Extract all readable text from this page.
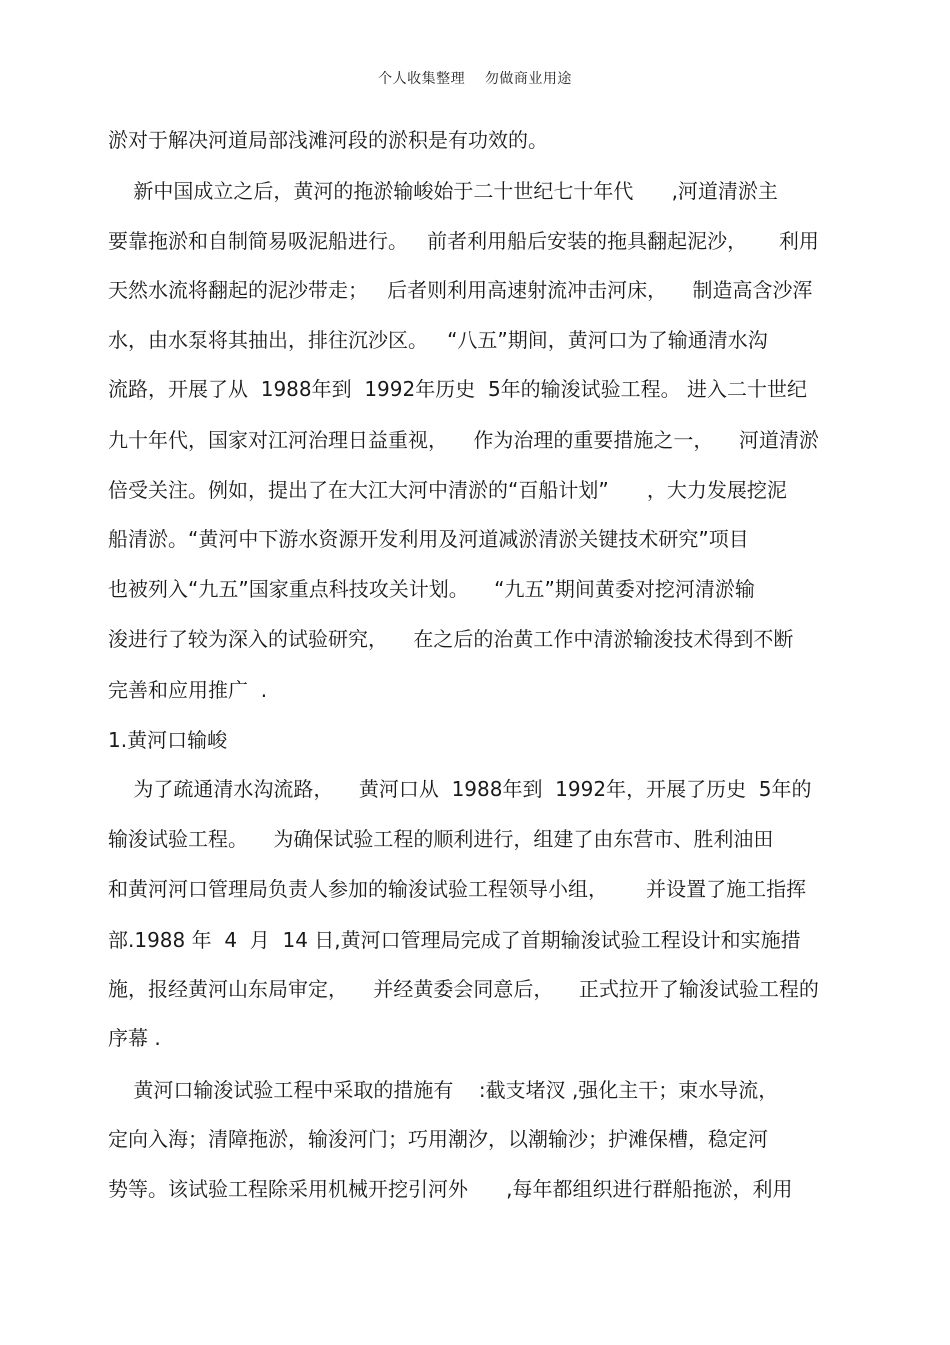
个人收集整理    勿做商业用途
淤对于解决河道局部浅滩河段的淤积是有功效的。
新中国成立之后，黄河的拖淤输峻始于二十世纪七十年代      ,河道清淤主
要靠拖淤和自制简易吸泥船进行。   前者利用船后安装的拖具翻起泥沙，     利用
天然水流将翻起的泥沙带走；   后者则利用高速射流冲击河床，    制造高含沙浑
水，由水泵将其抽出，排往沉沙区。   “八五”期间，黄河口为了输通清水沟
流路，开展了从  1988年到  1992年历史  5年的输浚试验工程。 进入二十世纪
九十年代，国家对江河治理日益重视，    作为治理的重要措施之一，    河道清淤
倍受关注。例如，提出了在大江大河中清淤的“百船计划”      ，大力发展挖泥
船清淤。“黄河中下游水资源开发利用及河道减淤清淤关键技术研究”项目
也被列入“九五”国家重点科技攻关计划。    “九五”期间黄委对挖河清淤输
浚进行了较为深入的试验研究，    在之后的治黄工作中清淤输浚技术得到不断
完善和应用推广  .
1.黄河口输峻
为了疏通清水沟流路，    黄河口从  1988年到  1992年，开展了历史  5年的
输浚试验工程。    为确保试验工程的顺利进行，组建了由东营市、胜利油田
和黄河河口管理局负责人参加的输浚试验工程领导小组，      并设置了施工指挥
部.1988 年  4  月  14 日,黄河口管理局完成了首期输浚试验工程设计和实施措
施，报经黄河山东局审定，    并经黄委会同意后，    正式拉开了输浚试验工程的
序幕 .
黄河口输浚试验工程中采取的措施有    :截支堵汊 ,强化主干；束水导流，
定向入海；清障拖淤，输浚河门；巧用潮汐，以潮输沙；护滩保槽，稳定河
势等。该试验工程除采用机械开挖引河外      ,每年都组织进行群船拖淤，利用
